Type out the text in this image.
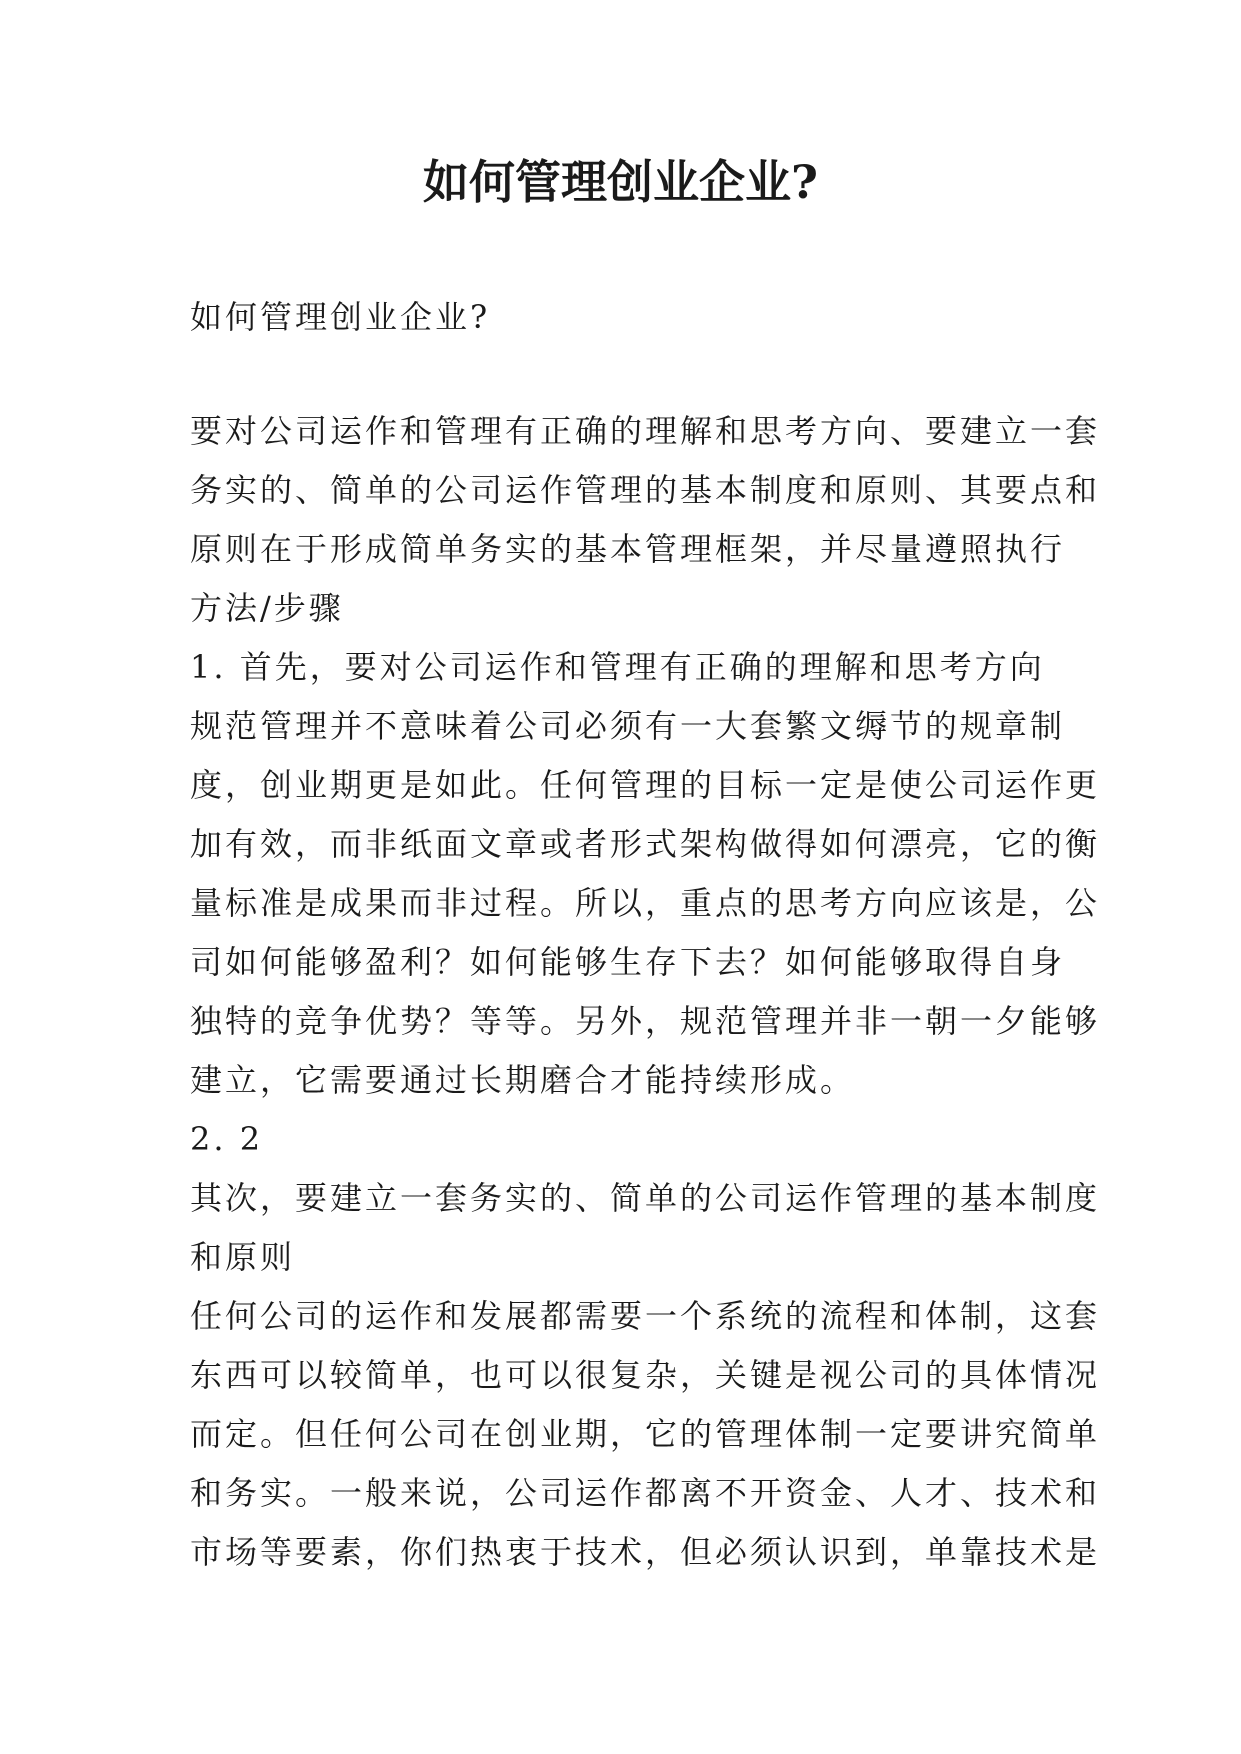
如何管理创业企业?
如何管理创业企业?
要对公司运作和管理有正确的理解和思考方向、要建立一套
务实的、简单的公司运作管理的基本制度和原则、其要点和
原则在于形成简单务实的基本管理框架，并尽量遵照执行
方法/步骤
1. 首先，要对公司运作和管理有正确的理解和思考方向
规范管理并不意味着公司必须有一大套繁文缛节的规章制
度，创业期更是如此。任何管理的目标一定是使公司运作更
加有效，而非纸面文章或者形式架构做得如何漂亮，它的衡
量标准是成果而非过程。所以，重点的思考方向应该是，公
司如何能够盈利？如何能够生存下去？如何能够取得自身
独特的竞争优势？等等。另外，规范管理并非一朝一夕能够
建立，它需要通过长期磨合才能持续形成。
2. 2
其次，要建立一套务实的、简单的公司运作管理的基本制度
和原则
任何公司的运作和发展都需要一个系统的流程和体制，这套
东西可以较简单，也可以很复杂，关键是视公司的具体情况
而定。但任何公司在创业期，它的管理体制一定要讲究简单
和务实。一般来说，公司运作都离不开资金、人才、技术和
市场等要素，你们热衷于技术，但必须认识到，单靠技术是
